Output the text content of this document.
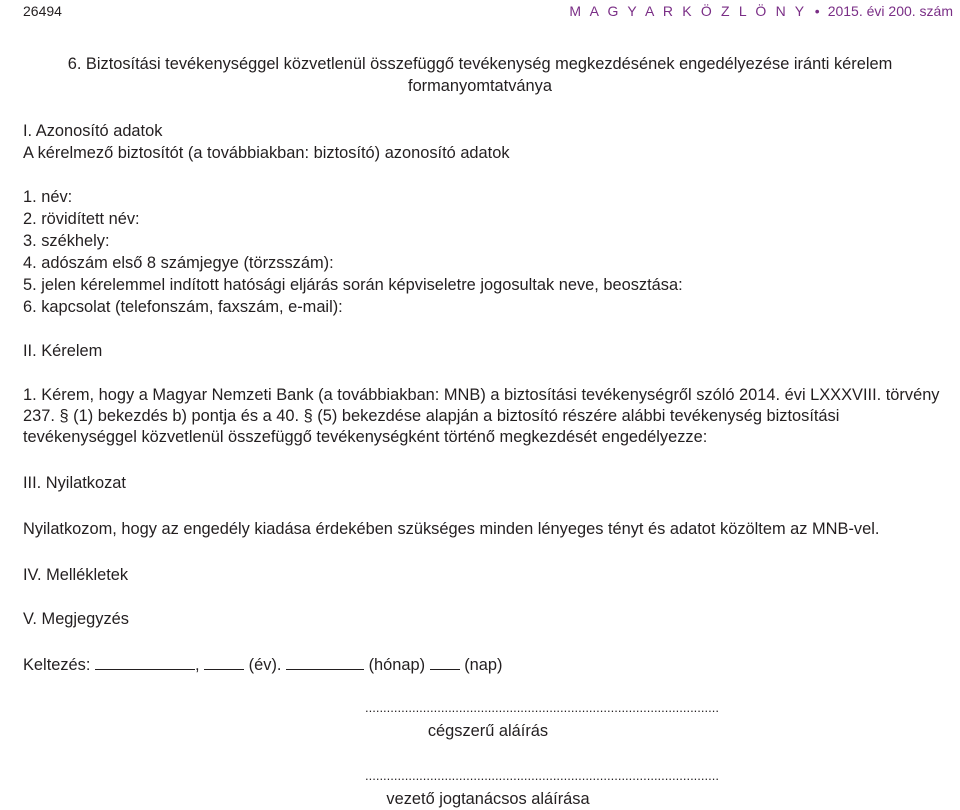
26494	M A G Y A R K Ö Z L Ö N Y • 2015. évi 200. szám
6. Biztosítási tevékenységgel közvetlenül összefüggő tevékenység megkezdésének engedélyezése iránti kérelem
formanyomtatványa
I. Azonosító adatok
A kérelmező biztosítót (a továbbiakban: biztosító) azonosító adatok
1. név:
2. rövidített név:
3. székhely:
4. adószám első 8 számjegye (törzsszám):
5. jelen kérelemmel indított hatósági eljárás során képviseletre jogosultak neve, beosztása:
6. kapcsolat (telefonszám, faxszám, e-mail):
II. Kérelem

1. Kérem, hogy a Magyar Nemzeti Bank (a továbbiakban: MNB) a biztosítási tevékenységről szóló 2014. évi LXXXVIII. törvény

237. § (1) bekezdés b) pontja és a 40. § (5) bekezdése alapján a biztosító részére alábbi tevékenység biztosítási

tevékenységgel közvetlenül összefüggő tevékenységként történő megkezdését engedélyezze:

III. Nyilatkozat
Nyilatkozom, hogy az engedély kiadása érdekében szükséges minden lényeges tényt és adatot közöltem az MNB-vel.
IV. Mellékletek
V. Megjegyzés
Keltezés:	,	(év).	(hónap) (nap)
..................................................................................................
cégszerű aláírás
..................................................................................................
vezető jogtanácsos aláírása
